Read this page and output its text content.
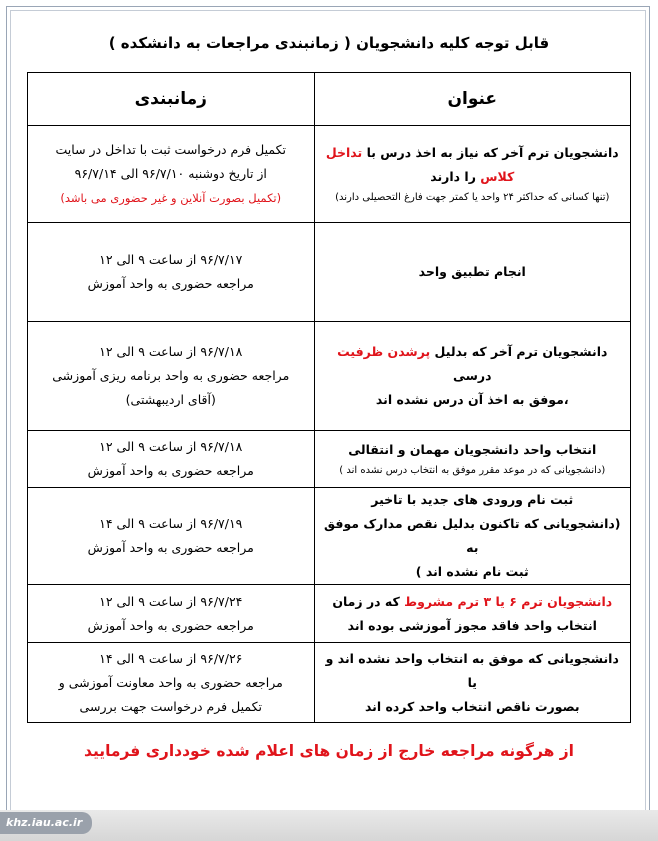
قابل توجه کلیه دانشجویان ( زمانبندی مراجعات به دانشکده )
عنوان	زمانبندی

دانشجویان ترم آخر که نیاز به اخذ درس با تداخل
کلاس را دارند
(تنها کسانی که حداکثر ۲۴ واحد یا کمتر جهت فارغ التحصیلی دارند)	تکمیل فرم درخواست ثبت با تداخل در سایت
از تاریخ دوشنبه ۹۶/۷/۱۰ الی ۹۶/۷/۱۴
(تکمیل بصورت آنلاین و غیر حضوری می باشد)

انجام تطبیق واحد	۹۶/۷/۱۷ از ساعت ۹ الی ۱۲
مراجعه حضوری به واحد آموزش

دانشجویان ترم آخر که بدلیل پرشدن ظرفیت درسی
،موفق به اخذ آن درس نشده اند	۹۶/۷/۱۸ از ساعت ۹ الی ۱۲
مراجعه حضوری به واحد برنامه ریزی آموزشی
(آقای اردیبهشتی)

انتخاب واحد دانشجویان مهمان و انتقالی
(دانشجویانی که در موعد مقرر موفق به انتخاب درس نشده اند )	۹۶/۷/۱۸ از ساعت ۹ الی ۱۲
مراجعه حضوری به واحد آموزش

ثبت نام ورودی های جدید با تاخیر
(دانشجویانی که تاکنون بدلیل نقص مدارک موفق به
ثبت نام نشده اند )	۹۶/۷/۱۹ از ساعت ۹ الی ۱۴
مراجعه حضوری به واحد آموزش

دانشجویان ترم ۶ یا ۳ ترم مشروط که در زمان
انتخاب واحد فاقد مجوز آموزشی بوده اند	۹۶/۷/۲۴ از ساعت ۹ الی ۱۲
مراجعه حضوری به واحد آموزش

دانشجویانی که موفق به انتخاب واحد نشده اند و یا
بصورت ناقص انتخاب واحد کرده اند	۹۶/۷/۲۶ از ساعت ۹ الی ۱۴
مراجعه حضوری به واحد معاونت آموزشی و
تکمیل فرم درخواست جهت بررسی
از هرگونه مراجعه خارج از زمان های اعلام شده خودداری فرمایید
khz.iau.ac.ir
